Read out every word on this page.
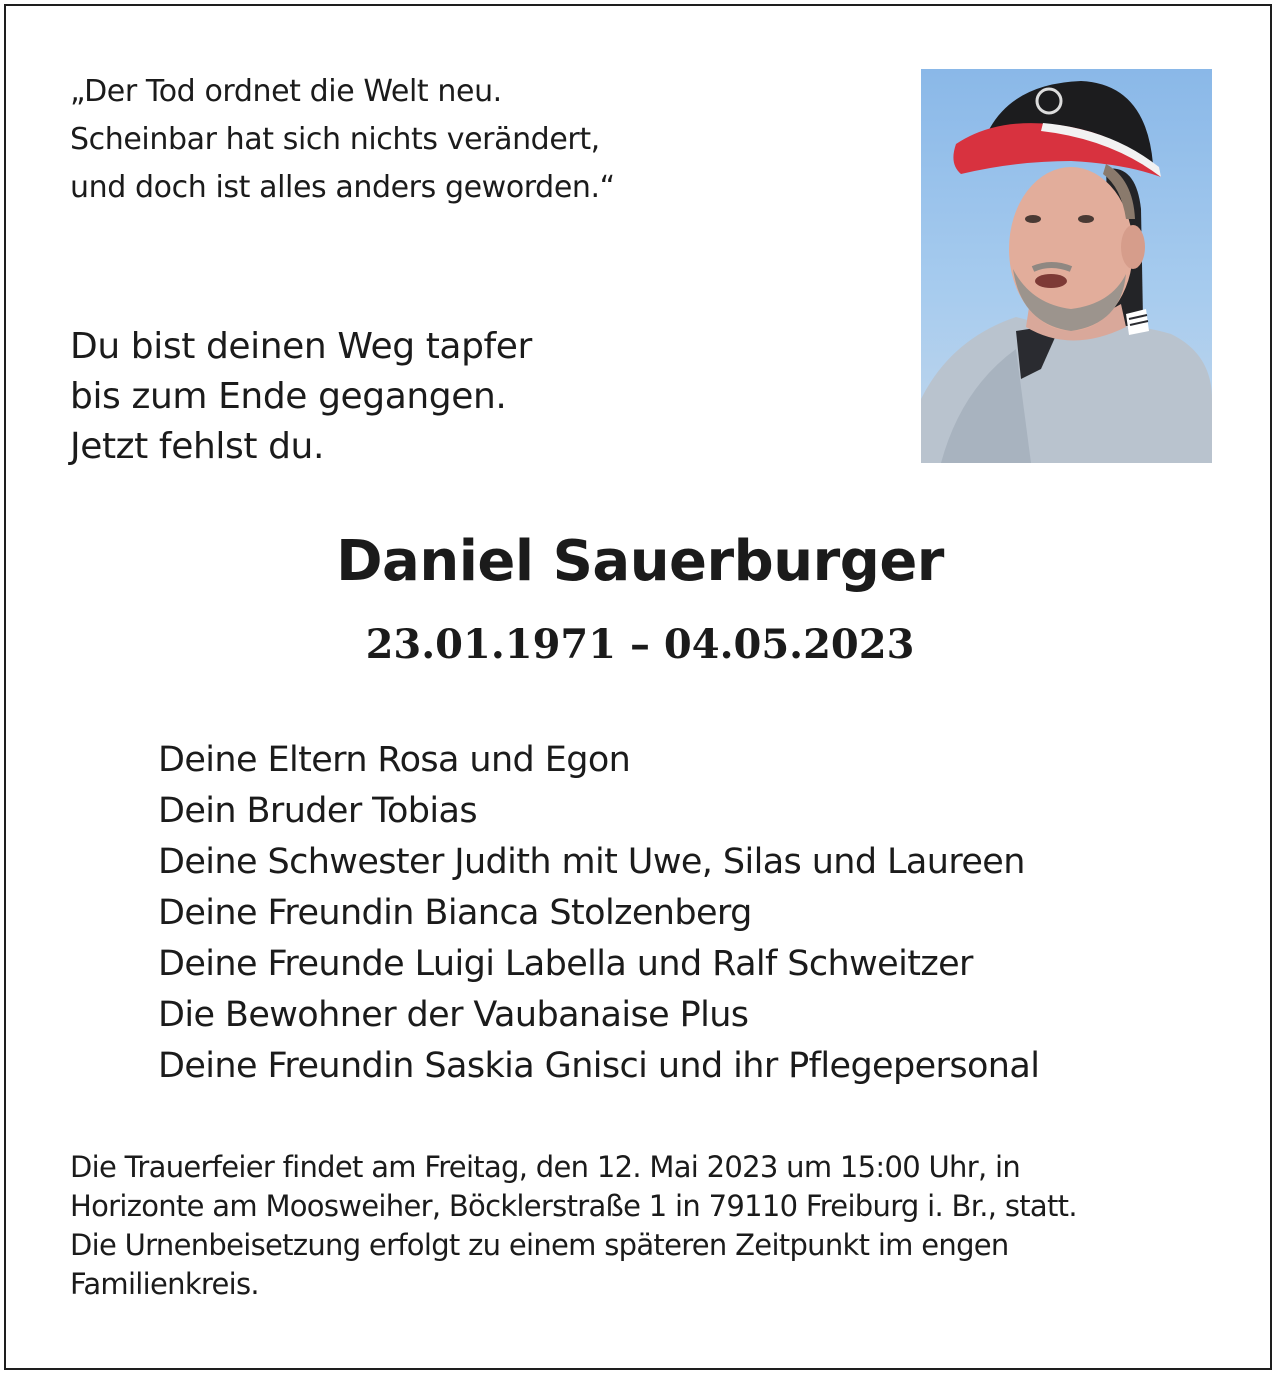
„Der Tod ordnet die Welt neu.
Scheinbar hat sich nichts verändert,
und doch ist alles anders geworden.“
Du bist deinen Weg tapfer
bis zum Ende gegangen.
Jetzt fehlst du.
Daniel Sauerburger
23.01.1971 – 04.05.2023
Deine Eltern Rosa und Egon
Dein Bruder Tobias
Deine Schwester Judith mit Uwe, Silas und Laureen
Deine Freundin Bianca Stolzenberg
Deine Freunde Luigi Labella und Ralf Schweitzer
Die Bewohner der Vaubanaise Plus
Deine Freundin Saskia Gnisci und ihr Pflegepersonal
Die Trauerfeier findet am Freitag, den 12. Mai 2023 um 15:00 Uhr, in
Horizonte am Moosweiher, Böcklerstraße 1 in 79110 Freiburg i. Br., statt.
Die Urnenbeisetzung erfolgt zu einem späteren Zeitpunkt im engen
Familienkreis.
